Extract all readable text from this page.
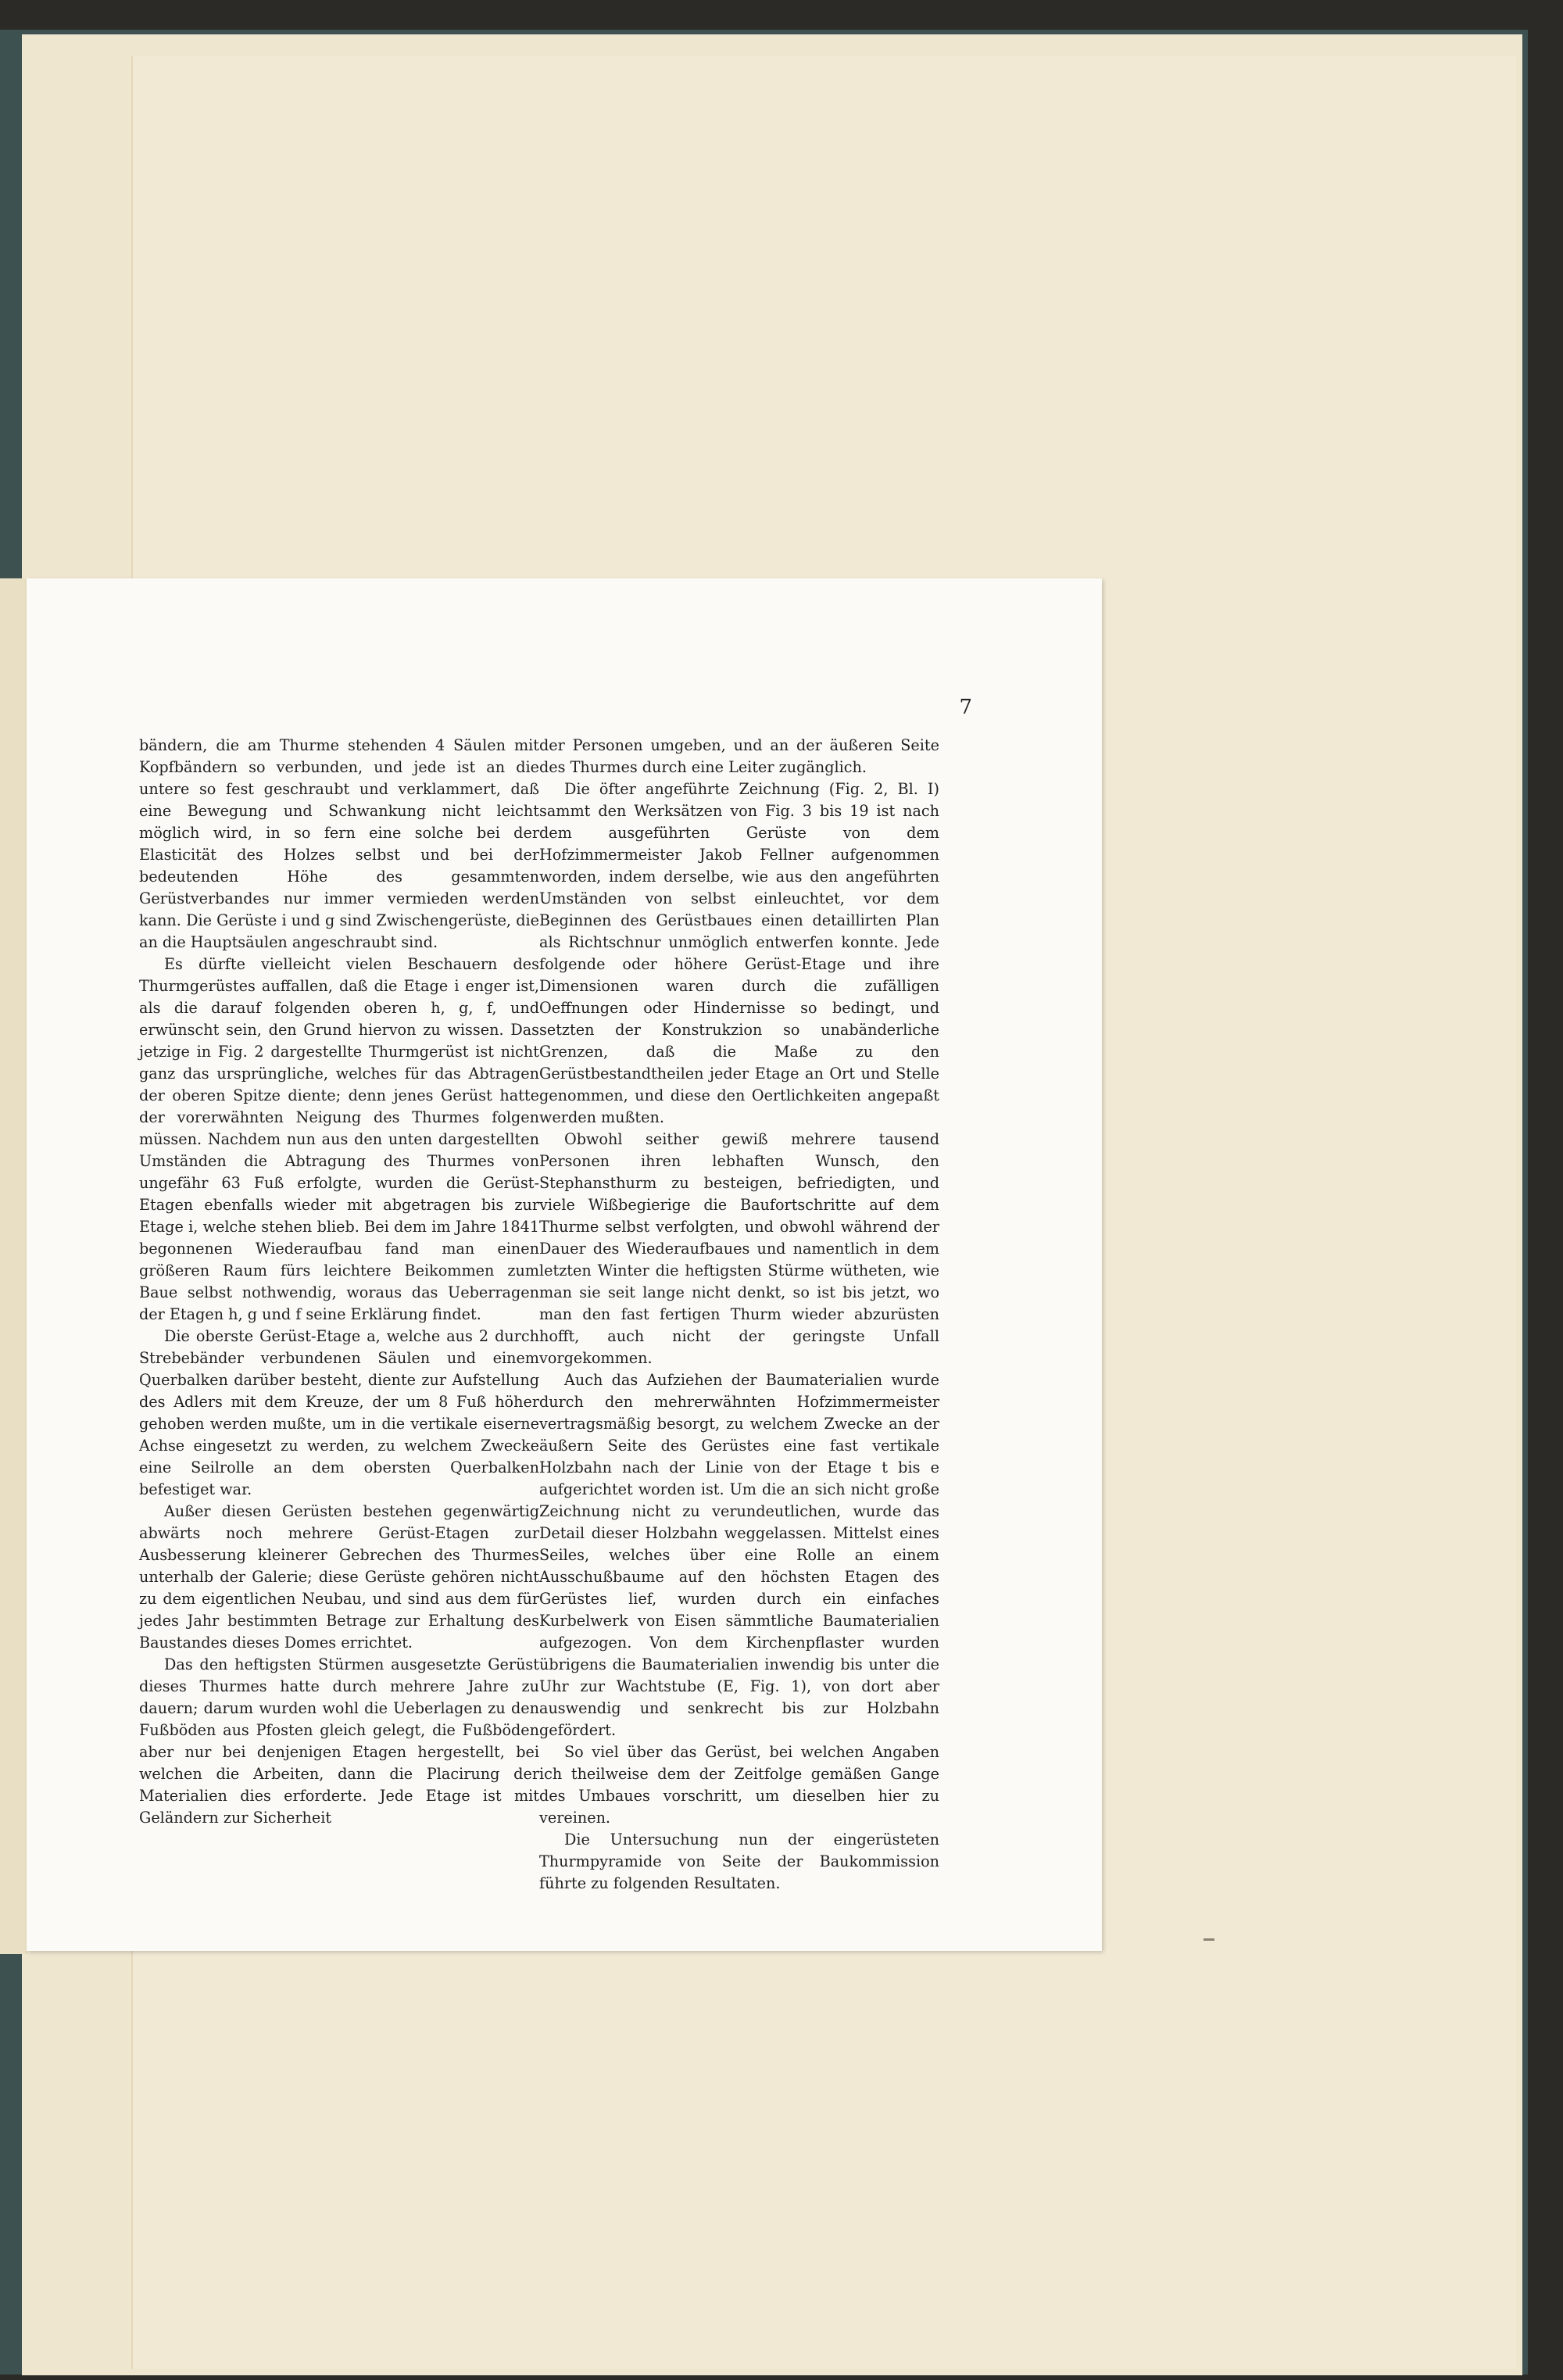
7

bändern, die am Thurme stehenden 4 Säulen mit Kopfbändern so verbunden, und jede ist an die untere so fest geschraubt und verklammert, daß eine Bewegung und Schwankung nicht leicht möglich wird, in so fern eine solche bei der Elasticität des Holzes selbst und bei der bedeutenden Höhe des gesammten Gerüstverbandes nur immer vermieden werden kann. Die Gerüste i und g sind Zwischengerüste, die an die Hauptsäulen angeschraubt sind.

Es dürfte vielleicht vielen Beschauern des Thurmgerüstes auffallen, daß die Etage i enger ist, als die darauf folgenden oberen h, g, f, und erwünscht sein, den Grund hiervon zu wissen. Das jetzige in Fig. 2 dargestellte Thurmgerüst ist nicht ganz das ursprüngliche, welches für das Abtragen der oberen Spitze diente; denn jenes Gerüst hatte der vorerwähnten Neigung des Thurmes folgen müssen. Nachdem nun aus den unten dargestellten Umständen die Abtragung des Thurmes von ungefähr 63 Fuß erfolgte, wurden die Gerüst-Etagen ebenfalls wieder mit abgetragen bis zur Etage i, welche stehen blieb. Bei dem im Jahre 1841 begonnenen Wiederaufbau fand man einen größeren Raum fürs leichtere Beikommen zum Baue selbst nothwendig, woraus das Ueberragen der Etagen h, g und f seine Erklärung findet.

Die oberste Gerüst-Etage a, welche aus 2 durch Strebebänder verbundenen Säulen und einem Querbalken darüber besteht, diente zur Aufstellung des Adlers mit dem Kreuze, der um 8 Fuß höher gehoben werden mußte, um in die vertikale eiserne Achse eingesetzt zu werden, zu welchem Zwecke eine Seilrolle an dem obersten Querbalken befestiget war.

Außer diesen Gerüsten bestehen gegenwärtig abwärts noch mehrere Gerüst-Etagen zur Ausbesserung kleinerer Gebrechen des Thurmes unterhalb der Galerie; diese Gerüste gehören nicht zu dem eigentlichen Neubau, und sind aus dem für jedes Jahr bestimmten Betrage zur Erhaltung des Baustandes dieses Domes errichtet.

Das den heftigsten Stürmen ausgesetzte Gerüst dieses Thurmes hatte durch mehrere Jahre zu dauern; darum wurden wohl die Ueberlagen zu den Fußböden aus Pfosten gleich gelegt, die Fußböden aber nur bei denjenigen Etagen hergestellt, bei welchen die Arbeiten, dann die Placirung der Materialien dies erforderte. Jede Etage ist mit Geländern zur Sicherheit

der Personen umgeben, und an der äußeren Seite des Thurmes durch eine Leiter zugänglich.

Die öfter angeführte Zeichnung (Fig. 2, Bl. I) sammt den Werksätzen von Fig. 3 bis 19 ist nach dem ausgeführten Gerüste von dem Hofzimmermeister Jakob Fellner aufgenommen worden, indem derselbe, wie aus den angeführten Umständen von selbst einleuchtet, vor dem Beginnen des Gerüstbaues einen detaillirten Plan als Richtschnur unmöglich entwerfen konnte. Jede folgende oder höhere Gerüst-Etage und ihre Dimensionen waren durch die zufälligen Oeffnungen oder Hindernisse so bedingt, und setzten der Konstrukzion so unabänderliche Grenzen, daß die Maße zu den Gerüstbestandtheilen jeder Etage an Ort und Stelle genommen, und diese den Oertlichkeiten angepaßt werden mußten.

Obwohl seither gewiß mehrere tausend Personen ihren lebhaften Wunsch, den Stephansthurm zu besteigen, befriedigten, und viele Wißbegierige die Baufortschritte auf dem Thurme selbst verfolgten, und obwohl während der Dauer des Wiederaufbaues und namentlich in dem letzten Winter die heftigsten Stürme wütheten, wie man sie seit lange nicht denkt, so ist bis jetzt, wo man den fast fertigen Thurm wieder abzurüsten hofft, auch nicht der geringste Unfall vorgekommen.

Auch das Aufziehen der Baumaterialien wurde durch den mehrerwähnten Hofzimmermeister vertragsmäßig besorgt, zu welchem Zwecke an der äußern Seite des Gerüstes eine fast vertikale Holzbahn nach der Linie von der Etage t bis e aufgerichtet worden ist. Um die an sich nicht große Zeichnung nicht zu verundeutlichen, wurde das Detail dieser Holzbahn weggelassen. Mittelst eines Seiles, welches über eine Rolle an einem Ausschußbaume auf den höchsten Etagen des Gerüstes lief, wurden durch ein einfaches Kurbelwerk von Eisen sämmtliche Baumaterialien aufgezogen. Von dem Kirchenpflaster wurden übrigens die Baumaterialien inwendig bis unter die Uhr zur Wachtstube (E, Fig. 1), von dort aber auswendig und senkrecht bis zur Holzbahn gefördert.

So viel über das Gerüst, bei welchen Angaben ich theilweise dem der Zeitfolge gemäßen Gange des Umbaues vorschritt, um dieselben hier zu vereinen.

Die Untersuchung nun der eingerüsteten Thurmpyramide von Seite der Baukommission führte zu folgenden Resultaten.
